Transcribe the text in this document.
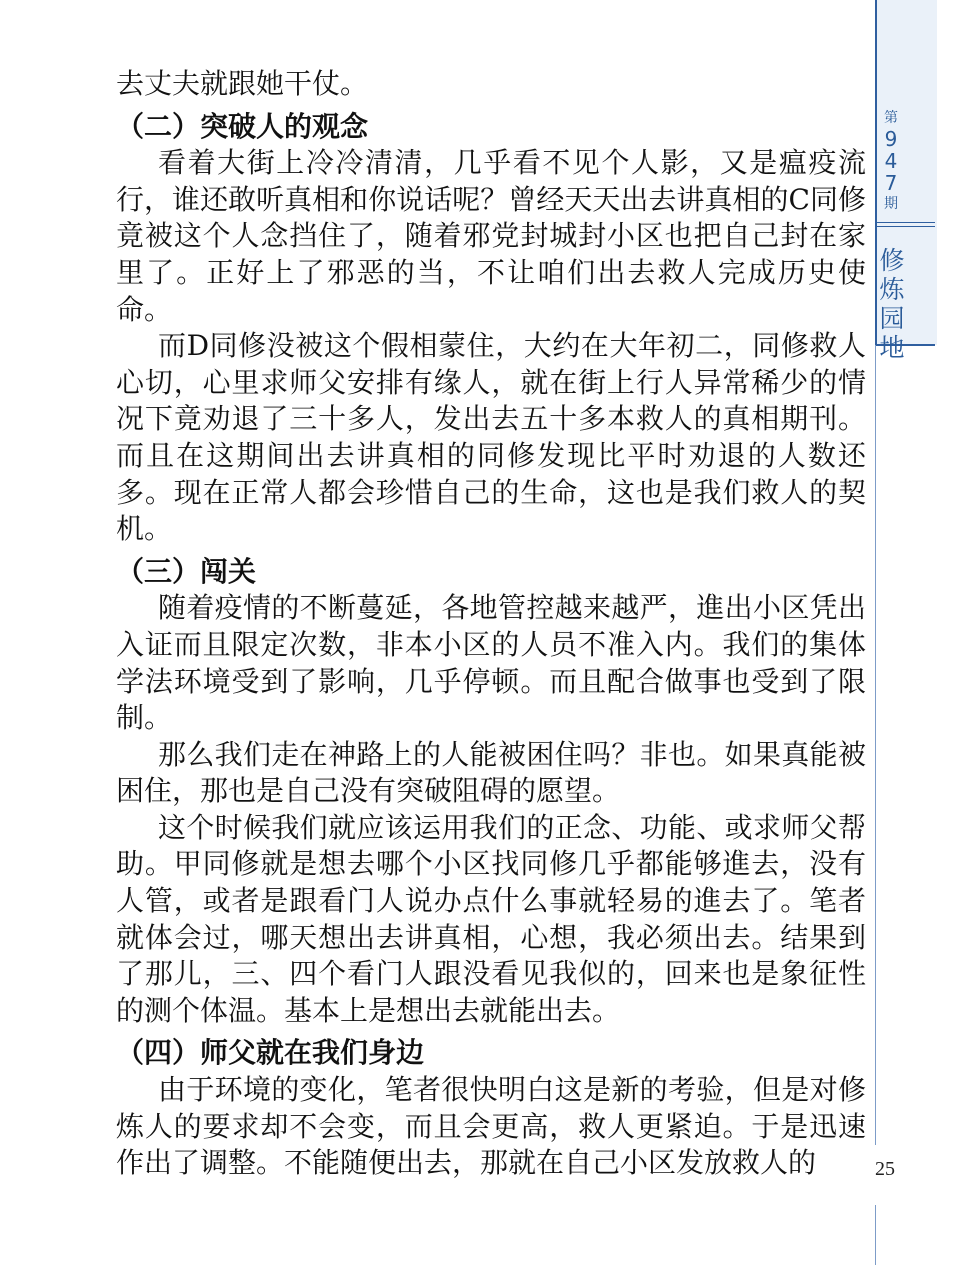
去丈夫就跟她干仗。

（二）突破人的观念

看着大街上冷冷清清，几乎看不见个人影，又是瘟疫流行，谁还敢听真相和你说话呢？曾经天天出去讲真相的C同修竟被这个人念挡住了，随着邪党封城封小区也把自己封在家里了。正好上了邪恶的当，不让咱们出去救人完成历史使命。

而D同修没被这个假相蒙住，大约在大年初二，同修救人心切，心里求师父安排有缘人，就在街上行人异常稀少的情况下竟劝退了三十多人，发出去五十多本救人的真相期刊。而且在这期间出去讲真相的同修发现比平时劝退的人数还多。现在正常人都会珍惜自己的生命，这也是我们救人的契机。

（三）闯关

随着疫情的不断蔓延，各地管控越来越严，進出小区凭出入证而且限定次数，非本小区的人员不准入内。我们的集体学法环境受到了影响，几乎停顿。而且配合做事也受到了限制。

那么我们走在神路上的人能被困住吗？非也。如果真能被困住，那也是自己没有突破阻碍的愿望。

这个时候我们就应该运用我们的正念、功能、或求师父帮助。甲同修就是想去哪个小区找同修几乎都能够進去，没有人管，或者是跟看门人说办点什么事就轻易的進去了。笔者就体会过，哪天想出去讲真相，心想，我必须出去。结果到了那儿，三、四个看门人跟没看见我似的，回来也是象征性的测个体温。基本上是想出去就能出去。

（四）师父就在我们身边

由于环境的变化，笔者很快明白这是新的考验，但是对修炼人的要求却不会变，而且会更高，救人更紧迫。于是迅速作出了调整。不能随便出去，那就在自己小区发放救人的

第
9
4
7
期
修
炼
园
地
25
